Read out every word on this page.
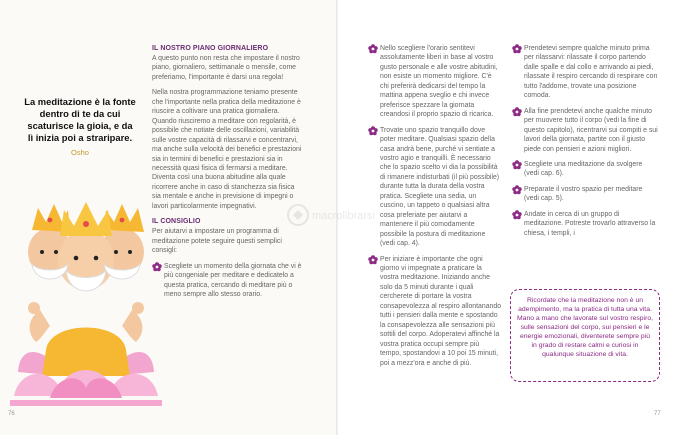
La meditazione è la fonte dentro di te da cui scaturisce la gioia, e da lì inizia poi a straripare.

Osho
76
IL NOSTRO PIANO GIORNALIERO

A questo punto non resta che impostare il nostro piano, giornaliero, settimanale o mensile, come preferiamo, l'importante è darsi una regola!

Nella nostra programmazione teniamo presente che l'importante nella pratica della meditazione è riuscire a coltivare una pratica giornaliera. Quando riusciremo a meditare con regolarità, è possibile che notiate delle oscillazioni, variabilità sulle vostre capacità di rilassarvi e concentrarvi, ma anche sulla velocità dei benefici e prestazioni sia in termini di benefici e prestazioni sia in necessità quasi fisica di fermarsi a meditare. Diventa così una buona abitudine alla quale ricorrere anche in caso di stanchezza sia fisica sia mentale e anche in previsione di impegni o lavori particolarmente impegnativi.

IL CONSIGLIO

Per aiutarvi a impostare un programma di meditazione potete seguire questi semplici consigli:

Scegliete un momento della giornata che vi è più congeniale per meditare e dedicatelo a questa pratica, cercando di meditare più o meno sempre allo stesso orario.

Nello scegliere l'orario sentitevi assolutamente liberi in base al vostro gusto personale e alle vostre abitudini, non esiste un momento migliore. C'è chi preferirà dedicarsi del tempo la mattina appena sveglio e chi invece preferisce spezzare la giornata creandosi il proprio spazio di ricarica.

Trovate uno spazio tranquillo dove poter meditare. Qualsiasi spazio della casa andrà bene, purché vi sentiate a vostro agio e tranquilli. È necessario che lo spazio scelto vi dia la possibilità di rimanere indisturbati (il più possibile) durante tutta la durata della vostra pratica. Scegliete una sedia, un cuscino, un tappeto o qualsiasi altra cosa preferiate per aiutarvi a mantenere il più comodamente possibile la postura di meditazione (vedi cap. 4).

Per iniziare è importante che ogni giorno vi impegnate a praticare la vostra meditazione. Iniziando anche solo da 5 minuti durante i quali cercherete di portare la vostra consapevolezza al respiro allontanando tutti i pensieri dalla mente e spostando la consapevolezza alle sensazioni più sottili del corpo. Adoperatevi affinché la vostra pratica occupi sempre più tempo, spostandovi a 10 poi 15 minuti, poi a mezz'ora e anche di più.

Prendetevi sempre qualche minuto prima per rilassarvi: rilassate il corpo partendo dalle spalle e dal collo e arrivando ai piedi, rilassate il respiro cercando di respirare con tutto l'addome, trovate una posizione comoda.

Alla fine prendetevi anche qualche minuto per muovere tutto il corpo (vedi la fine di questo capitolo), ricentrarvi sui compiti e sui lavori della giornata, partite con il giusto piede con pensieri e azioni migliori.

Scegliete una meditazione da svolgere (vedi cap. 6).

Preparate il vostro spazio per meditare (vedi cap. 5).

Andate in cerca di un gruppo di meditazione. Potreste trovarlo attraverso la chiesa, i templi, i

Ricordate che la meditazione non è un adempimento, ma la pratica di tutta una vita. Mano a mano che lavorate sul vostro respiro, sulle sensazioni del corpo, sui pensieri e le energie emozionali, diventerete sempre più in grado di restare calmi e curiosi in qualunque situazione di vita.
macrolibrarsi
77
